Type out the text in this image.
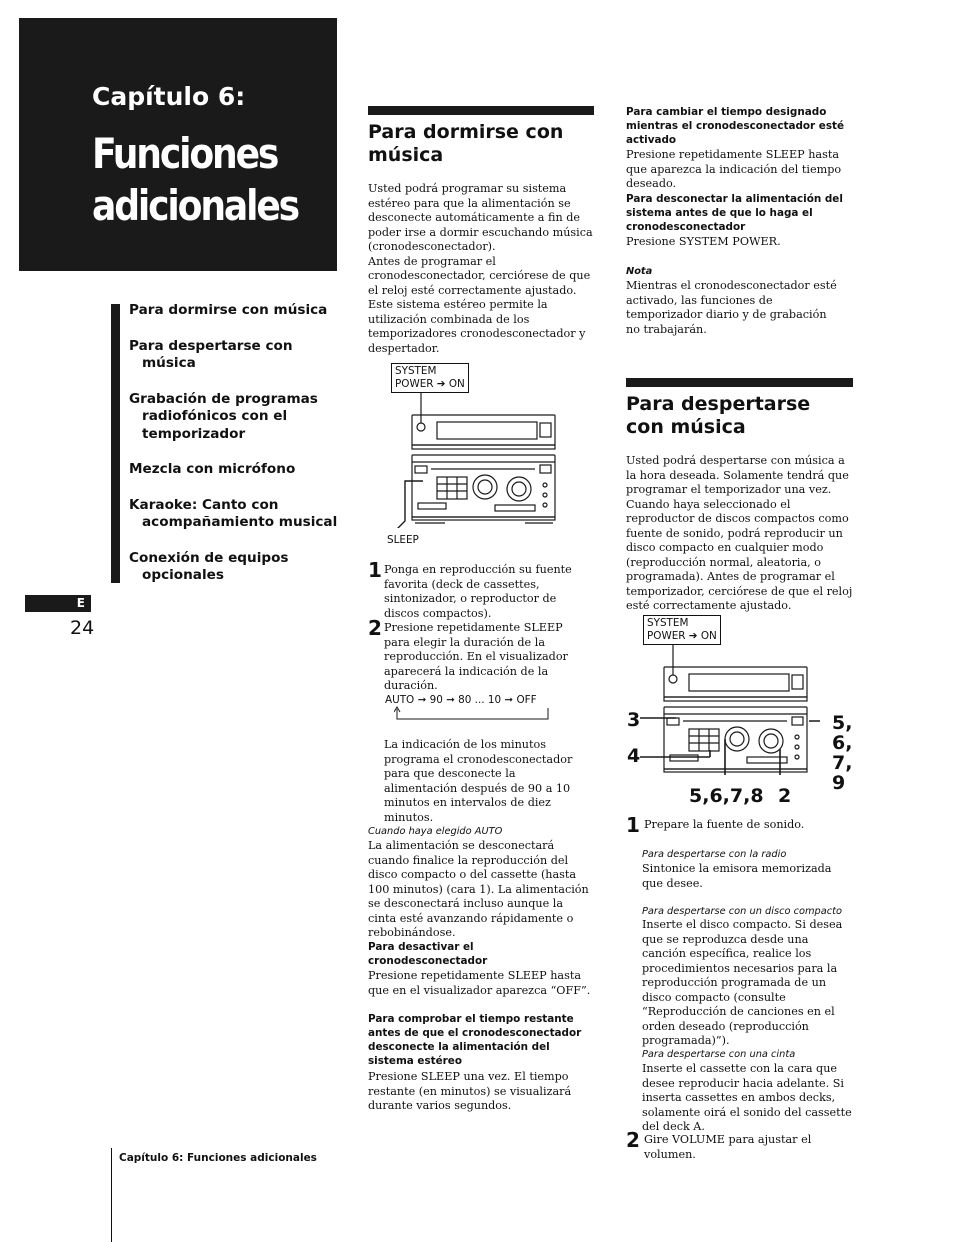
Capítulo 6:
Funciones
adicionales
Para dormirse con música
Para despertarse con música
Grabación de programas radiofónicos con el temporizador
Mezcla con micrófono
Karaoke: Canto con acompañamiento musical
Conexión de equipos opcionales
E
24
Capítulo 6: Funciones adicionales
Para dormirse con música

Usted podrá programar su sistema estéreo para que la alimentación se desconecte automáticamente a fin de poder irse a dormir escuchando música (cronodesconectador).

Antes de programar el cronodesconectador, cerciórese de que el reloj esté correctamente ajustado.

Este sistema estéreo permite la utilización combinada de los temporizadores cronodesconectador y despertador.

SYSTEM
POWER ➔ ON
SLEEP
1 Ponga en reproducción su fuente favorita (deck de cassettes, sintonizador, o reproductor de discos compactos).
2 Presione repetidamente SLEEP para elegir la duración de la reproducción. En el visualizador aparecerá la indicación de la duración.
AUTO ➞ 90 ➞ 80 ... 10 ➞ OFF
La indicación de los minutos programa el cronodesconectador para que desconecte la alimentación después de 90 a 10 minutos en intervalos de diez minutos.
Cuando haya elegido AUTO
La alimentación se desconectará cuando finalice la reproducción del disco compacto o del cassette (hasta 100 minutos) (cara 1). La alimentación se desconectará incluso aunque la cinta esté avanzando rápidamente o rebobinándose.
Para desactivar el cronodesconectador
Presione repetidamente SLEEP hasta que en el visualizador aparezca “OFF”.
Para comprobar el tiempo restante antes de que el cronodesconectador desconecte la alimentación del sistema estéreo
Presione SLEEP una vez. El tiempo restante (en minutos) se visualizará durante varios segundos.
Para cambiar el tiempo designado mientras el cronodesconectador esté activado
Presione repetidamente SLEEP hasta que aparezca la indicación del tiempo deseado.
Para desconectar la alimentación del sistema antes de que lo haga el cronodesconectador
Presione SYSTEM POWER.
Nota
Mientras el cronodesconectador esté activado, las funciones de temporizador diario y de grabación no trabajarán.
Para despertarse con música
Usted podrá despertarse con música a la hora deseada. Solamente tendrá que programar el temporizador una vez. Cuando haya seleccionado el reproductor de discos compactos como fuente de sonido, podrá reproducir un disco compacto en cualquier modo (reproducción normal, aleatoria, o programada). Antes de programar el temporizador, cerciórese de que el reloj esté correctamente ajustado.
SYSTEM
POWER ➔ ON
3
4
5,
6,
7,
9
5,6,7,8 2
1 Prepare la fuente de sonido.
Para despertarse con la radio
Sintonice la emisora memorizada que desee.
Para despertarse con un disco compacto
Inserte el disco compacto. Si desea que se reproduzca desde una canción específica, realice los procedimientos necesarios para la reproducción programada de un disco compacto (consulte “Reproducción de canciones en el orden deseado (reproducción programada)”).
Para despertarse con una cinta
Inserte el cassette con la cara que desee reproducir hacia adelante. Si inserta cassettes en ambos decks, solamente oirá el sonido del cassette del deck A.
2 Gire VOLUME para ajustar el volumen.
